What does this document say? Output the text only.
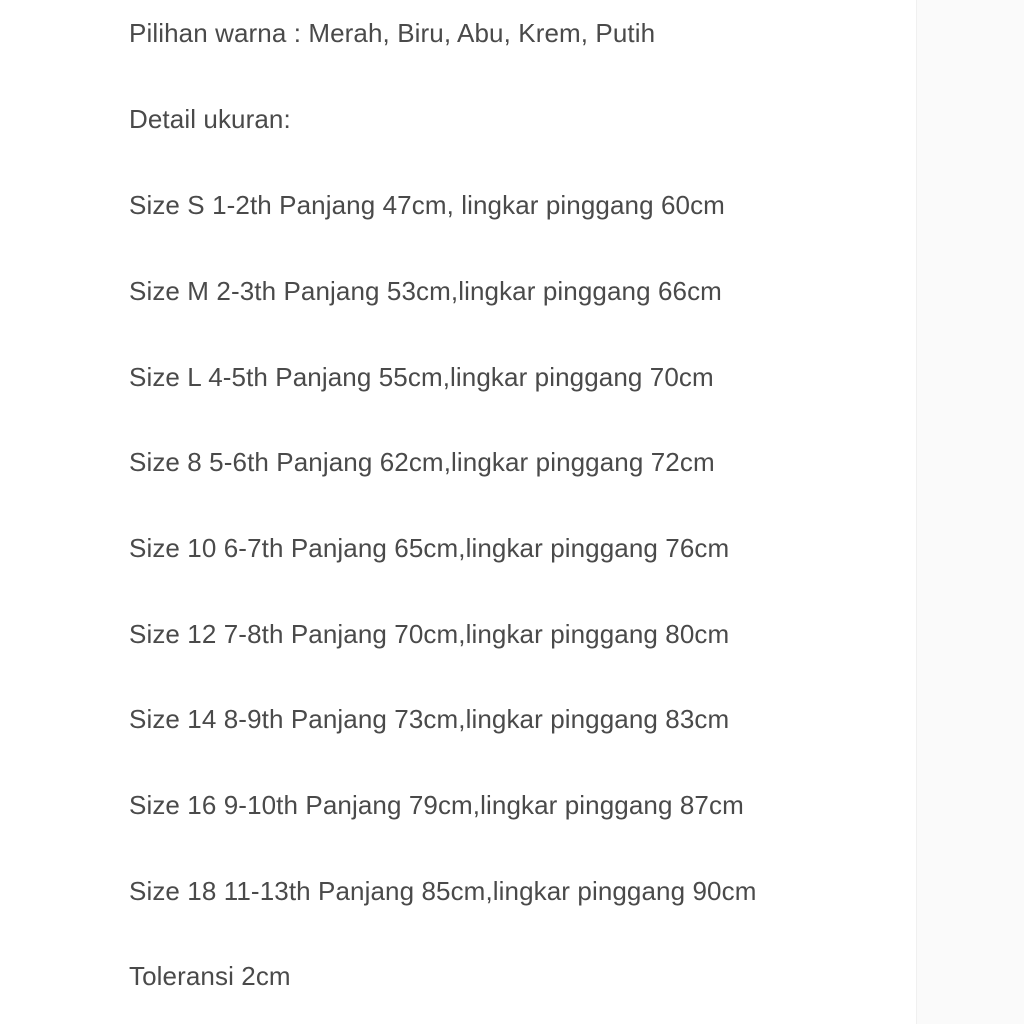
Pilihan warna : Merah, Biru, Abu, Krem, Putih
Detail ukuran:
Size S 1-2th Panjang 47cm, lingkar pinggang 60cm
Size M 2-3th Panjang 53cm,lingkar pinggang 66cm
Size L 4-5th Panjang 55cm,lingkar pinggang 70cm
Size 8 5-6th Panjang 62cm,lingkar pinggang 72cm
Size 10 6-7th Panjang 65cm,lingkar pinggang 76cm
Size 12 7-8th Panjang 70cm,lingkar pinggang 80cm
Size 14 8-9th Panjang 73cm,lingkar pinggang 83cm
Size 16 9-10th Panjang 79cm,lingkar pinggang 87cm
Size 18 11-13th Panjang 85cm,lingkar pinggang 90cm
Toleransi 2cm
